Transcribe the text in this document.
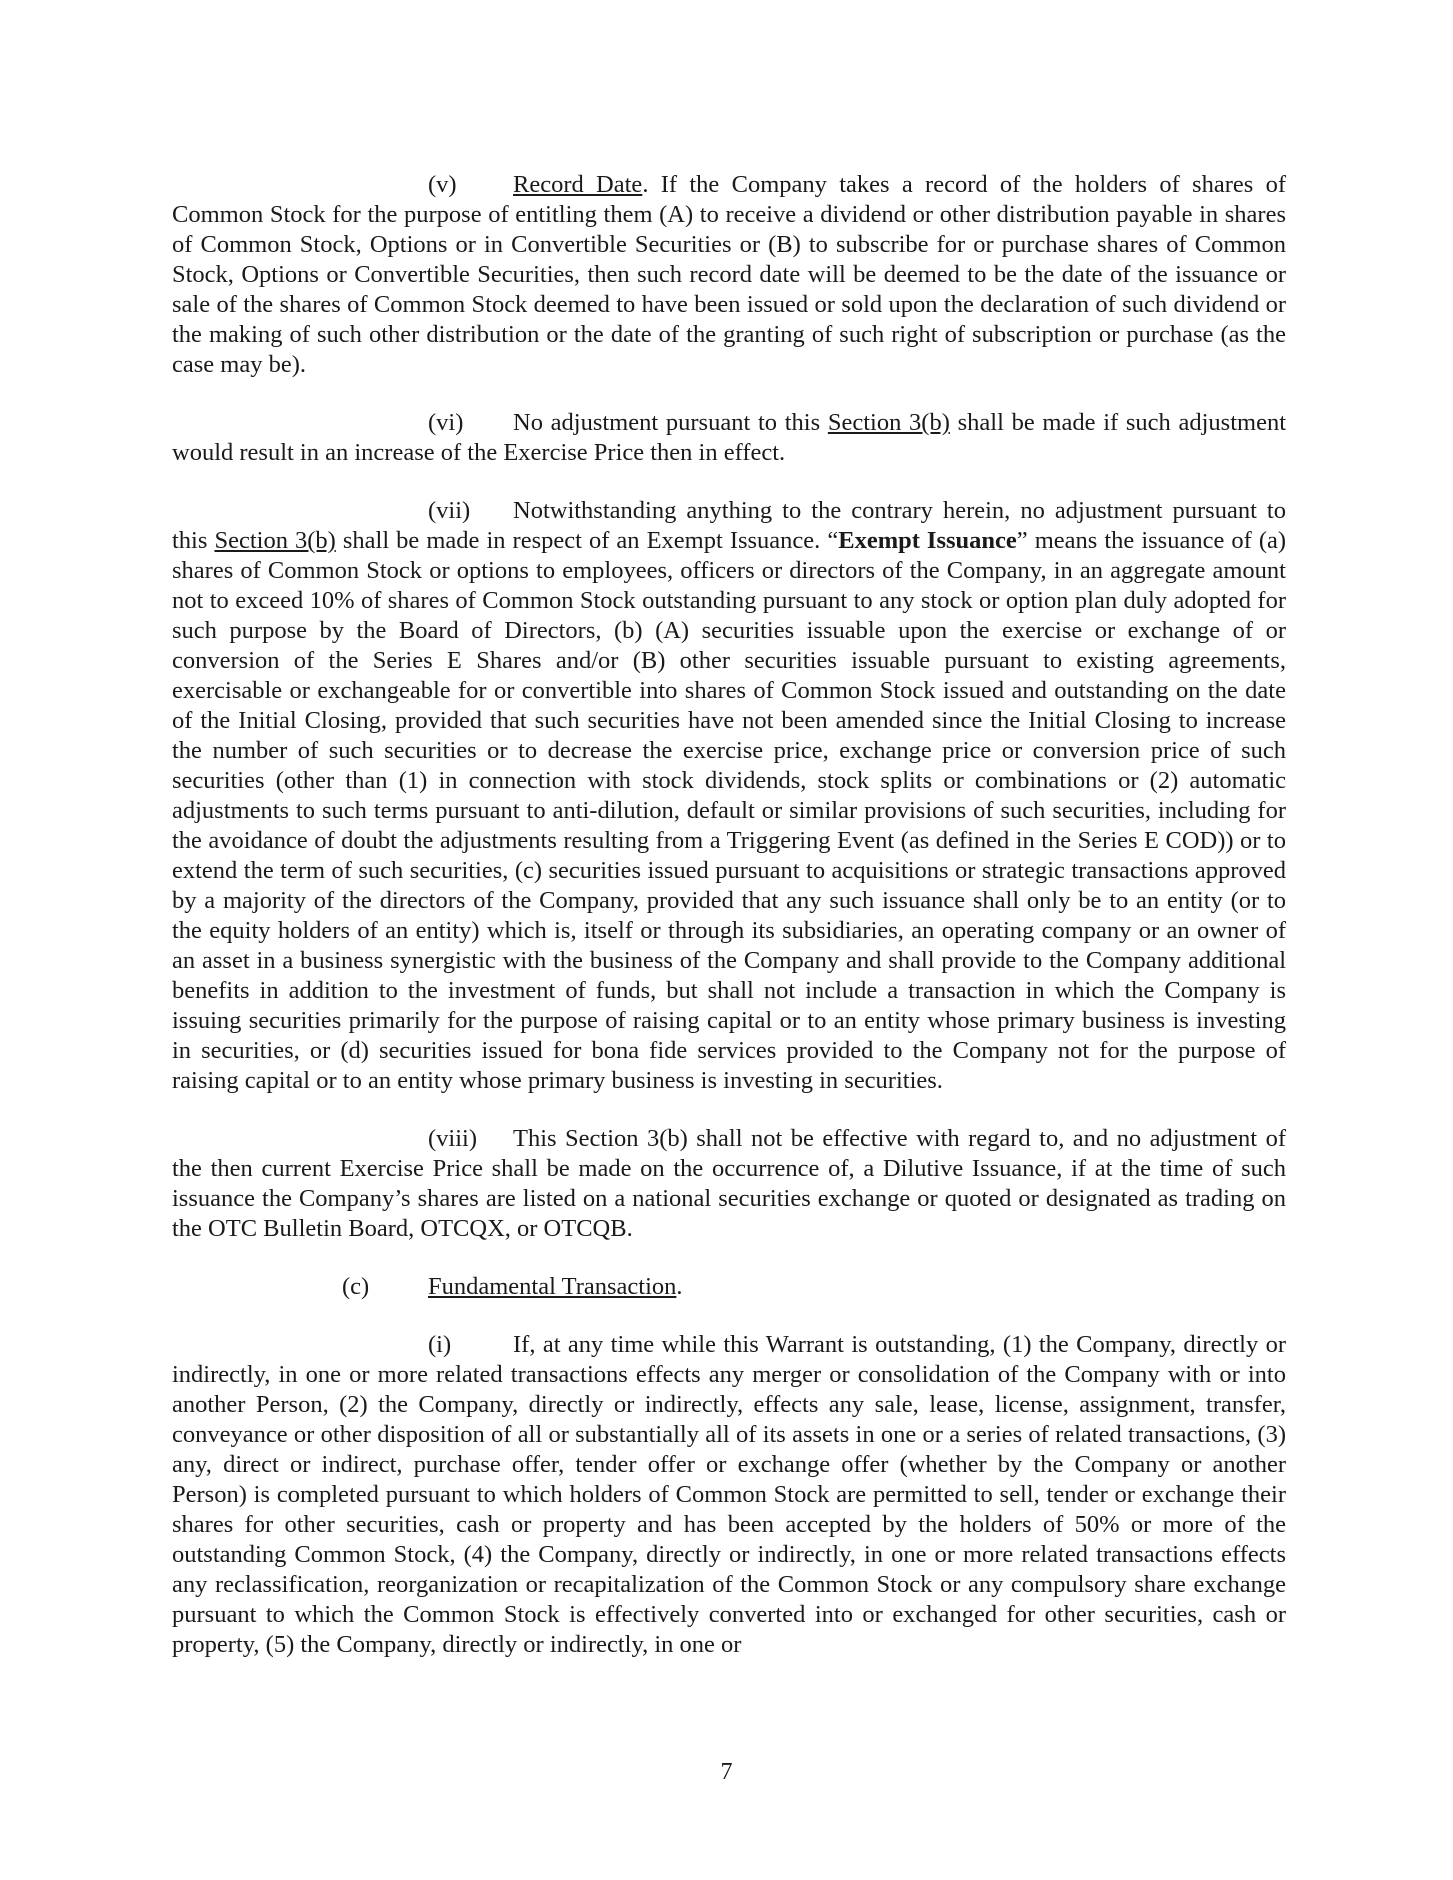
(v) Record Date. If the Company takes a record of the holders of shares of Common Stock for the purpose of entitling them (A) to receive a dividend or other distribution payable in shares of Common Stock, Options or in Convertible Securities or (B) to subscribe for or purchase shares of Common Stock, Options or Convertible Securities, then such record date will be deemed to be the date of the issuance or sale of the shares of Common Stock deemed to have been issued or sold upon the declaration of such dividend or the making of such other distribution or the date of the granting of such right of subscription or purchase (as the case may be).

(vi) No adjustment pursuant to this Section 3(b) shall be made if such adjustment would result in an increase of the Exercise Price then in effect.

(vii) Notwithstanding anything to the contrary herein, no adjustment pursuant to this Section 3(b) shall be made in respect of an Exempt Issuance. “Exempt Issuance” means the issuance of (a) shares of Common Stock or options to employees, officers or directors of the Company, in an aggregate amount not to exceed 10% of shares of Common Stock outstanding pursuant to any stock or option plan duly adopted for such purpose by the Board of Directors, (b) (A) securities issuable upon the exercise or exchange of or conversion of the Series E Shares and/or (B) other securities issuable pursuant to existing agreements, exercisable or exchangeable for or convertible into shares of Common Stock issued and outstanding on the date of the Initial Closing, provided that such securities have not been amended since the Initial Closing to increase the number of such securities or to decrease the exercise price, exchange price or conversion price of such securities (other than (1) in connection with stock dividends, stock splits or combinations or (2) automatic adjustments to such terms pursuant to anti-dilution, default or similar provisions of such securities, including for the avoidance of doubt the adjustments resulting from a Triggering Event (as defined in the Series E COD)) or to extend the term of such securities, (c) securities issued pursuant to acquisitions or strategic transactions approved by a majority of the directors of the Company, provided that any such issuance shall only be to an entity (or to the equity holders of an entity) which is, itself or through its subsidiaries, an operating company or an owner of an asset in a business synergistic with the business of the Company and shall provide to the Company additional benefits in addition to the investment of funds, but shall not include a transaction in which the Company is issuing securities primarily for the purpose of raising capital or to an entity whose primary business is investing in securities, or (d) securities issued for bona fide services provided to the Company not for the purpose of raising capital or to an entity whose primary business is investing in securities.

(viii) This Section 3(b) shall not be effective with regard to, and no adjustment of the then current Exercise Price shall be made on the occurrence of, a Dilutive Issuance, if at the time of such issuance the Company’s shares are listed on a national securities exchange or quoted or designated as trading on the OTC Bulletin Board, OTCQX, or OTCQB.

(c) Fundamental Transaction.

(i)	If, at any time while this Warrant is outstanding, (1) the Company, directly or indirectly, in one or more related transactions effects any merger or consolidation of the Company with or into another Person, (2) the Company, directly or indirectly, effects any sale, lease, license, assignment, transfer, conveyance or other disposition of all or substantially all of its assets in one or a series of related transactions, (3) any, direct or indirect, purchase offer, tender offer or exchange offer (whether by the Company or another Person) is completed pursuant to which holders of Common Stock are permitted to sell, tender or exchange their shares for other securities, cash or property and has been accepted by the holders of 50% or more of the outstanding Common Stock, (4) the Company, directly or indirectly, in one or more related transactions effects any reclassification, reorganization or recapitalization of the Common Stock or any compulsory share exchange pursuant to which the Common Stock is effectively converted into or exchanged for other securities, cash or property, (5) the Company, directly or indirectly, in one or

7
